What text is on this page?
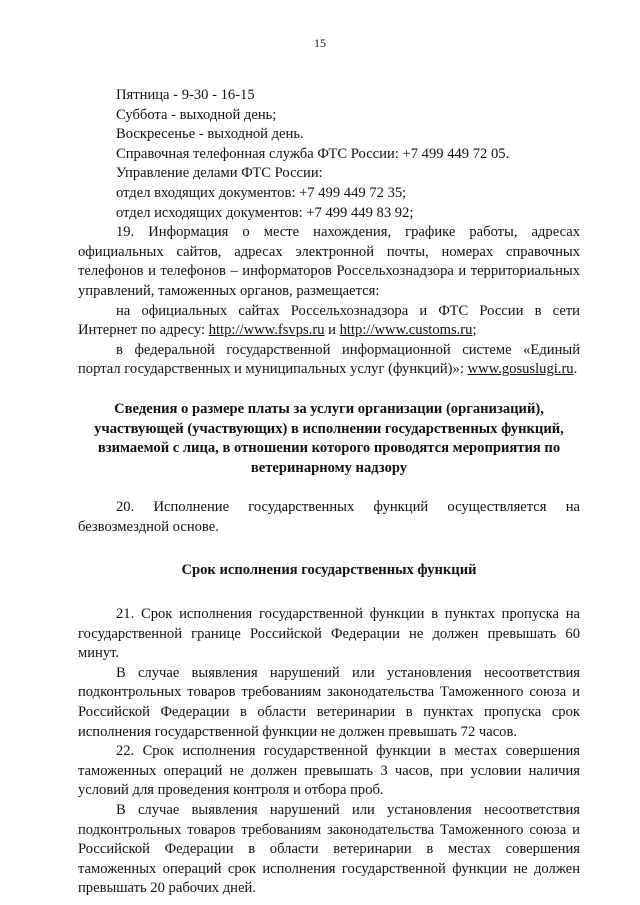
15

Пятница - 9-30 - 16-15

Суббота - выходной день;

Воскресенье - выходной день.

Справочная телефонная служба ФТС России: +7 499 449 72 05.

Управление делами ФТС России:

отдел входящих документов: +7 499 449 72 35;

отдел исходящих документов: +7 499 449 83 92;

19. Информация о месте нахождения, графике работы, адресах официальных сайтов, адресах электронной почты, номерах справочных телефонов и телефонов – информаторов Россельхознадзора и территориальных управлений, таможенных органов, размещается:

на официальных сайтах Россельхознадзора и ФТС России в сети Интернет по адресу: http://www.fsvps.ru и http://www.customs.ru;

в федеральной государственной информационной системе «Единый портал государственных и муниципальных услуг (функций)»: www.gosuslugi.ru.

Сведения о размере платы за услуги организации (организаций), участвующей (участвующих) в исполнении государственных функций, взимаемой с лица, в отношении которого проводятся мероприятия по ветеринарному надзору

20. Исполнение государственных функций осуществляется на безвозмездной основе.

Срок исполнения государственных функций

21. Срок исполнения государственной функции в пунктах пропуска на государственной границе Российской Федерации не должен превышать 60 минут.

В случае выявления нарушений или установления несоответствия подконтрольных товаров требованиям законодательства Таможенного союза и Российской Федерации в области ветеринарии в пунктах пропуска срок исполнения государственной функции не должен превышать 72 часов.

22. Срок исполнения государственной функции в местах совершения таможенных операций не должен превышать 3 часов, при условии наличия условий для проведения контроля и отбора проб.

В случае выявления нарушений или установления несоответствия подконтрольных товаров требованиям законодательства Таможенного союза и Российской Федерации в области ветеринарии в местах совершения таможенных операций срок исполнения государственной функции не должен превышать 20 рабочих дней.
